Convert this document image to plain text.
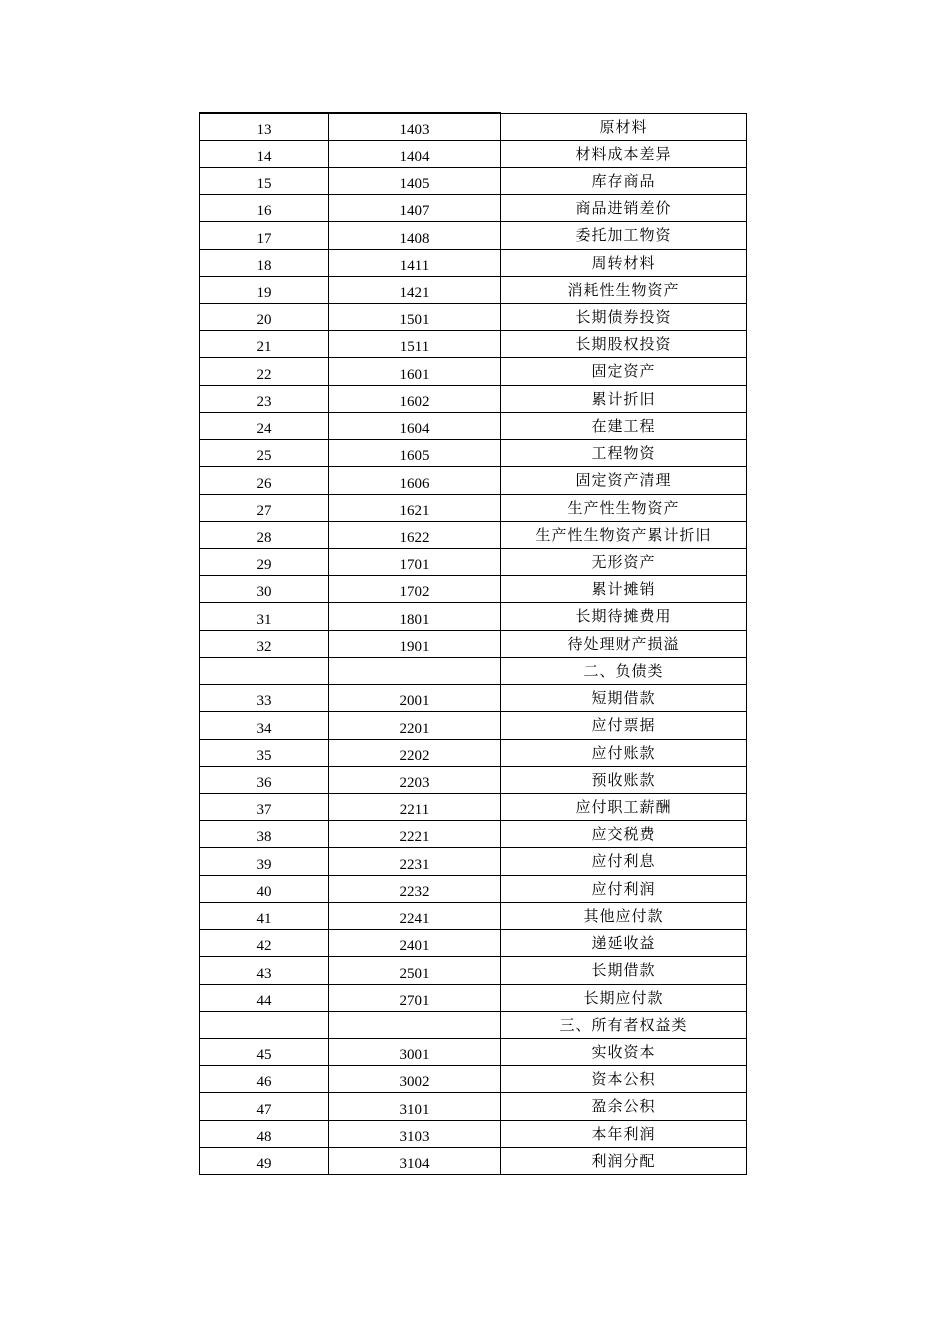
13	1403	原材料
14	1404	材料成本差异
15	1405	库存商品
16	1407	商品进销差价
17	1408	委托加工物资
18	1411	周转材料
19	1421	消耗性生物资产
20	1501	长期债券投资
21	1511	长期股权投资
22	1601	固定资产
23	1602	累计折旧
24	1604	在建工程
25	1605	工程物资
26	1606	固定资产清理
27	1621	生产性生物资产
28	1622	生产性生物资产累计折旧
29	1701	无形资产
30	1702	累计摊销
31	1801	长期待摊费用
32	1901	待处理财产损溢
		二、负债类
33	2001	短期借款
34	2201	应付票据
35	2202	应付账款
36	2203	预收账款
37	2211	应付职工薪酬
38	2221	应交税费
39	2231	应付利息
40	2232	应付利润
41	2241	其他应付款
42	2401	递延收益
43	2501	长期借款
44	2701	长期应付款
		三、所有者权益类
45	3001	实收资本
46	3002	资本公积
47	3101	盈余公积
48	3103	本年利润
49	3104	利润分配
